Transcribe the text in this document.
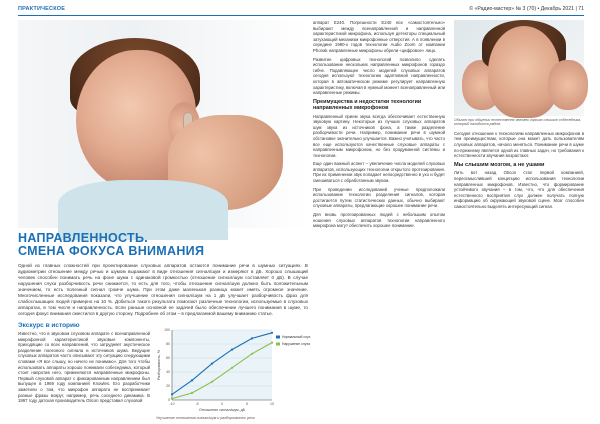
ПРАКТИЧЕСКОЕ	© «Радио-мастер» № 3 (70) • Декабрь 2021 | 71
НАПРАВЛЕННОСТЬ.
СМЕНА ФОКУСА ВНИМАНИЯ

Одной из главных сложностей при проектировании слуховых аппаратов остаются понимание речи в шумных ситуациях. В аудиометрии отношение между речью и шумом выражают в виде отношения сигнал/шум и измеряют в дБ. Хорошо слышащий человек способен понимать речь на фоне шума с одинаковой громкостью (отношение сигнал/шум составляет 0 дБ). В случае нарушения слуха разборчивость речи снижается, то есть для того, чтобы отношение сигнал/шум должно быть положительным значением, то есть полезный сигнал громче шума. При этом даже маленькая разница может иметь огромное значение. Многочисленные исследования показали, что улучшение отношения сигнал/шум на 1 дБ улучшает разборчивость фраз для слабослышащих людей примерно на 10 %. Добиться такого результата помогают различные технологии, используемые в слуховых аппаратах, в том числе и направленность. Если раньше основной ее задачей было обеспечение лучшего понимания в шуме, то сегодня фокус внимания сместился в другую сторону. Подробнее об этом – в предлагаемой вашему вниманию статье.

Экскурс в историю

Известно, что в звуковом слуховом аппарате с всенаправленной микрофонной характеристикой звуковые компоненты, приходящие со всех направлений, что затрудняет акустическое разделение полезного сигнала и источников шума. Ведущие слуховых аппаратов часто описывают эту ситуацию следующими словами «Я все слышу, но ничего не понимаю». Для того чтобы использовать аппараты хорошо понимали собеседника, который стоит напротив него, применяются направленные микрофоны. Первый слуховой аппарат с фиксированным направлением был выпущен в 1969 году компанией Knowles. Его разработчики заметили о том, что микрофон аппарата не воспринимает разные фразы вокруг, например, речь соседнего динамика. В 1997 году датская производитель Oticon представил слуховой

100
80
60
40
20
0
-10	-5	0	5	10
Нормальный слух
Нарушение слуха
Отношение сигнал/шум, дБ
Разборчивость, %
Улучшение отношения сигнал/шум и разборчивость речи

аппарат E240. Погрешности E240 все «самостоятельно» выбирают между всенаправленной и направленной характеристикой микрофона, используя детекторы специальный затухающий механизм микрофонные отверстия. А в появлении в середине 1990-х годов технологии Audio Zoom от компании Phonak направленные микрофоны обрели «цифровое» лицо.

Развитие цифровых технологий позволило сделать использование нескольких направленных микрофонов гораздо гибче. Подавляющее число моделей слуховых аппаратов сегодня используют технологию адаптивной направленности, которая в автоматическом режиме регулирует направленную характеристику, включая в нужный момент всенаправленный или направленные режимы.

Преимущества и недостатки технологии направленных микрофонов

Направленный прием звука всегда обеспечивает естественную звуковую картину. Некоторые из лучших слуховых аппаратов шум звука из источников фона, а также разделение разборчивости речи. Например, понимание речи в шумной обстановке значительно улучшается. Важно учитывать, что часто все еще используются качественные слуховые аппараты с направленным микрофоном, но без продуманной системы и технологии.

Еще один важный аспект – увеличение числа моделей слуховых аппаратов, использующих технологии открытого протезирования. При их применении звук попадает непосредственно в ухо и будет смешиваться с обработанным звуком.

При проведении исследований ученые предположили использование технологии разделения сигналов, которая достигается путем статистических данных, обычно выбирают слуховые аппараты, предлагающие хорошее понимание речи.

Для вновь протезированных людей с небольшим опытом ношения слуховых аппаратов технологии направленного микрофона могут обеспечить хорошее понимание.

Обычно при общении естественно человек хорошо слышит собеседника, который находится рядом.

Сегодня отношение к технологиям направленных микрофонов в тем преимуществам, которые она может дать пользователям слуховых аппаратов, начало меняться. Понимание речи в шуме по-прежнему является одной из главных задач, но требования к естественности звучания возрастают.

Мы слышим мозгом, а не ушами

Лить вот назад Oticon стал первой компанией, переосмыслившей концепцию использования технологии направленных микрофонов. Известно, что формирование устойчивого звучания – в том, что, что для обеспечения естественного восприятия слух должен получать полную информацию об окружающей звуковой сцене. Мозг способен самостоятельно выделять интересующий сигнал.
